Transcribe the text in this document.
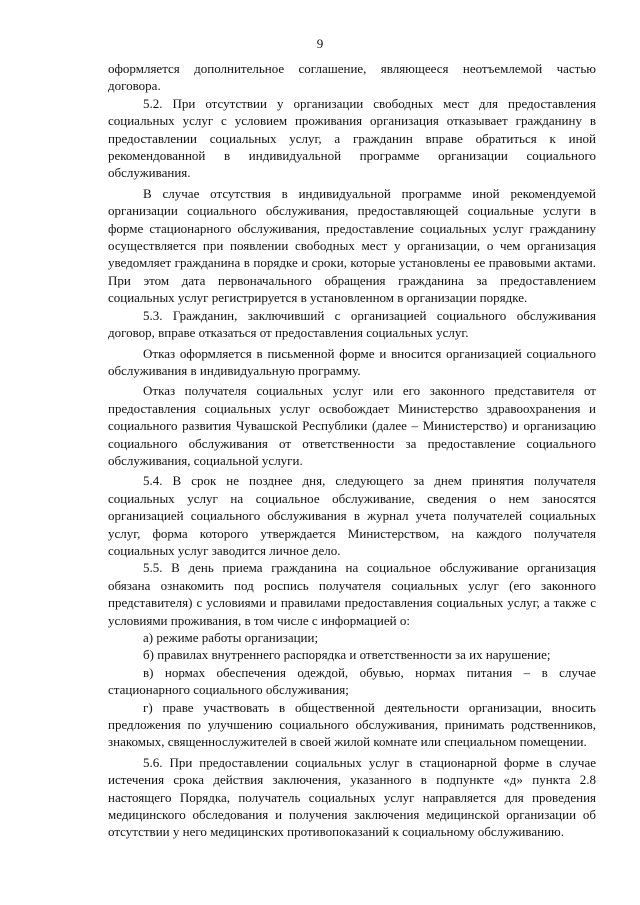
9

оформляется дополнительное соглашение, являющееся неотъемлемой частью договора.

5.2. При отсутствии у организации свободных мест для предоставления социальных услуг с условием проживания организация отказывает гражданину в предоставлении социальных услуг, а гражданин вправе обратиться к иной рекомендованной в индивидуальной программе организации социального обслуживания.

В случае отсутствия в индивидуальной программе иной рекомендуемой организации социального обслуживания, предоставляющей социальные услуги в форме стационарного обслуживания, предоставление социальных услуг гражданину осуществляется при появлении свободных мест у организации, о чем организация уведомляет гражданина в порядке и сроки, которые установлены ее правовыми актами. При этом дата первоначального обращения гражданина за предоставлением социальных услуг регистрируется в установленном в организации порядке.

5.3. Гражданин, заключивший с организацией социального обслуживания договор, вправе отказаться от предоставления социальных услуг.

Отказ оформляется в письменной форме и вносится организацией социального обслуживания в индивидуальную программу.

Отказ получателя социальных услуг или его законного представителя от предоставления социальных услуг освобождает Министерство здравоохранения и социального развития Чувашской Республики (далее – Министерство) и организацию социального обслуживания от ответственности за предоставление социального обслуживания, социальной услуги.

5.4. В срок не позднее дня, следующего за днем принятия получателя социальных услуг на социальное обслуживание, сведения о нем заносятся организацией социального обслуживания в журнал учета получателей социальных услуг, форма которого утверждается Министерством, на каждого получателя социальных услуг заводится личное дело.

5.5. В день приема гражданина на социальное обслуживание организация обязана ознакомить под роспись получателя социальных услуг (его законного представителя) с условиями и правилами предоставления социальных услуг, а также с условиями проживания, в том числе с информацией о:

а) режиме работы организации;

б) правилах внутреннего распорядка и ответственности за их нарушение;

в) нормах обеспечения одеждой, обувью, нормах питания – в случае стационарного социального обслуживания;

г) праве участвовать в общественной деятельности организации, вносить предложения по улучшению социального обслуживания, принимать родственников, знакомых, священнослужителей в своей жилой комнате или специальном помещении.

5.6. При предоставлении социальных услуг в стационарной форме в случае истечения срока действия заключения, указанного в подпункте «д» пункта 2.8 настоящего Порядка, получатель социальных услуг направляется для проведения медицинского обследования и получения заключения медицинской организации об отсутствии у него медицинских противопоказаний к социальному обслуживанию.
